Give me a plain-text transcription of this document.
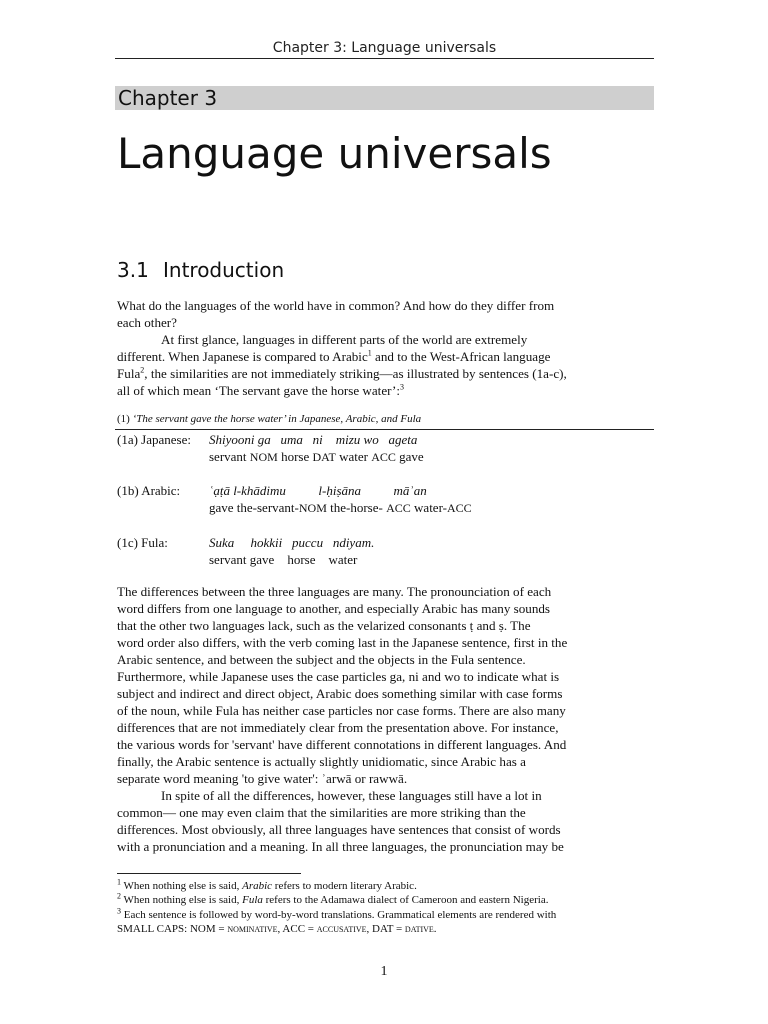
Chapter 3: Language universals
Chapter 3
Language universals
3.1 Introduction

What do the languages of the world have in common? And how do they differ from

each other?

At first glance, languages in different parts of the world are extremely

different. When Japanese is compared to Arabic$^1$ and to the West-African language

Fula$^2$, the similarities are not immediately striking—as illustrated by sentences (1a-c),

all of which mean ‘The servant gave the horse water’:$^3$

(1) ‘The servant gave the horse water’ in Japanese, Arabic, and Fula
(1a) Japanese: Shiyooni ga   uma   ni    mizu wo   ageta
servant NOM horse DAT water ACC gave
(1b) Arabic: ʿạṭā l-khādimu          l-ḥiṣāna          māʾan
gave the-servant-NOM the-horse- ACC water-ACC
(1c) Fula:	Suka     hokkii   puccu   ndiyam.
servant gave    horse    water

The differences between the three languages are many. The pronounciation of each

word differs from one language to another, and especially Arabic has many sounds

that the other two languages lack, such as the velarized consonants ṭ and ṣ. The

word order also differs, with the verb coming last in the Japanese sentence, first in the

Arabic sentence, and between the subject and the objects in the Fula sentence.

Furthermore, while Japanese uses the case particles ga, ni and wo to indicate what is

subject and indirect and direct object, Arabic does something similar with case forms

of the noun, while Fula has neither case particles nor case forms. There are also many

differences that are not immediately clear from the presentation above. For instance,

the various words for 'servant' have different connotations in different languages. And

finally, the Arabic sentence is actually slightly unidiomatic, since Arabic has a

separate word meaning 'to give water': ʾarwā or rawwā.

In spite of all the differences, however, these languages still have a lot in

common— one may even claim that the similarities are more striking than the

differences. Most obviously, all three languages have sentences that consist of words

with a pronunciation and a meaning. In all three languages, the pronunciation may be

$^1$ When nothing else is said, Arabic refers to modern literary Arabic.
$^2$ When nothing else is said, Fula refers to the Adamawa dialect of Cameroon and eastern Nigeria.
$^3$ Each sentence is followed by word-by-word translations. Grammatical elements are rendered with
SMALL CAPS: NOM = nominative, ACC = accusative, DAT = dative.
1
